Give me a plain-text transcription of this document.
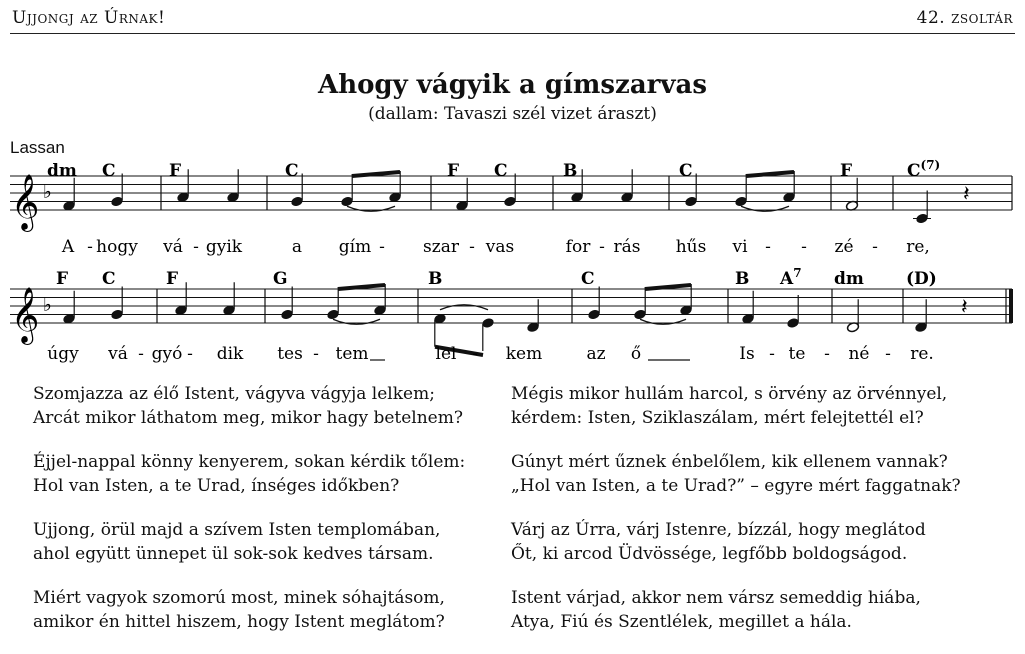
Ujjongj az Úrnak!	42. zsoltár
Ahogy vágyik a gímszarvas
(dallam: Tavaszi szél vizet áraszt)
Lassan
𝄞 ♭	𝄽
𝄞 ♭	𝄽
dm C	F	C	F C	B	C	F	$C^{(7)}$
F C	F	G	B	C	B $A^7$ dm (D)
A - hogy vá - gyik	a gím - szar - vas	for - rás hűs vi - - zé - re,
úgy vá - gyó - dik tes - tem	lel - kem	az ő	Is - te - né - re.
Szomjazza az élő Istent, vágyva vágyja lelkem;
Arcát mikor láthatom meg, mikor hagy betelnem?
Éjjel-nappal könny kenyerem, sokan kérdik tőlem:
Hol van Isten, a te Urad, ínséges időkben?
Ujjong, örül majd a szívem Isten templomában,
ahol együtt ünnepet ül sok-sok kedves társam.
Miért vagyok szomorú most, minek sóhajtásom,
amikor én hittel hiszem, hogy Istent meglátom?
Mégis mikor hullám harcol, s örvény az örvénnyel,
kérdem: Isten, Sziklaszálam, mért felejtettél el?
Gúnyt mért űznek énbelőlem, kik ellenem vannak?
„Hol van Isten, a te Urad?” – egyre mért faggatnak?
Várj az Úrra, várj Istenre, bízzál, hogy meglátod
Őt, ki arcod Üdvössége, legfőbb boldogságod.
Istent várjad, akkor nem vársz semeddig hiába,
Atya, Fiú és Szentlélek, megillet a hála.
